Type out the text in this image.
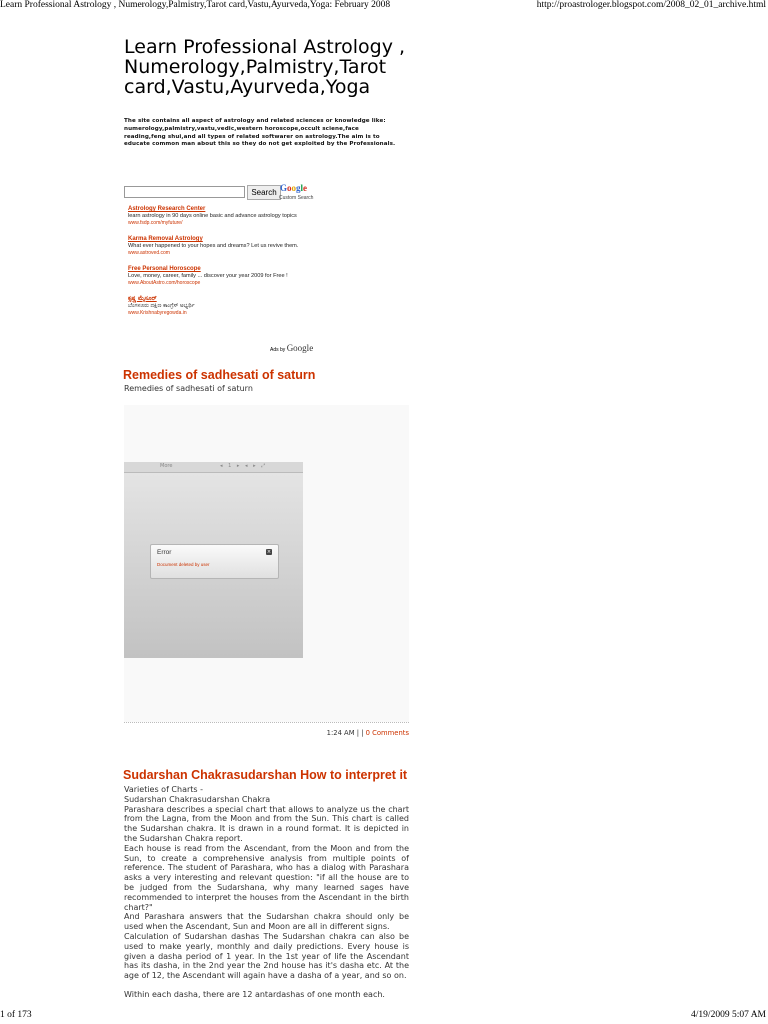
Learn Professional Astrology , Numerology,Palmistry,Tarot card,Vastu,Ayurveda,Yoga: February 2008	http://proastrologer.blogspot.com/2008_02_01_archive.html
Learn Professional Astrology , Numerology,Palmistry,Tarot card,Vastu,Ayurveda,Yoga
The site contains all aspect of astrology and related sciences or knowledge like: numerology,palmistry,vastu,vedic,western horoscope,occult sciene,face reading,feng shui,and all types of related softwarer on astrology.The aim is to educate common man about this so they do not get exploited by the Professionals.
Search Google
Custom Search
Astrology Research Center
learn astrology in 90 days online basic and advance astrology topics
www.fsdp.com/myfuture/
Karma Removal Astrology
What ever happened to your hopes and dreams? Let us revive them.
www.astroved.com
Free Personal Horoscope
Love, money, career, family ... discover your year 2009 for Free !
www.AboutAstro.com/horoscope
ಕೃಷ್ಣ ಮೈಸೂರ್
ಬೆಂಗಳೂರು ದಕ್ಷಿಣ ಕಾಂಗ್ರೆಸ್ ಅಭ್ಯರ್ಥಿ
www.Krishnabyregowda.in
Ads by Google
Remedies of sadhesati of saturn
Remedies of sadhesati of saturn
More	◂ 1 ▸ ◂ ▸ ⤢
Error	×
Document deleted by user
1:24 AM | | 0 Comments
Sudarshan Chakrasudarshan How to interpret it

Varieties of Charts -

Sudarshan Chakrasudarshan Chakra

Parashara describes a special chart that allows to analyze us the chart from the Lagna, from the Moon and from the Sun. This chart is called the Sudarshan chakra. It is drawn in a round format. It is depicted in the Sudarshan Chakra report.

Each house is read from the Ascendant, from the Moon and from the Sun, to create a comprehensive analysis from multiple points of reference. The student of Parashara, who has a dialog with Parashara asks a very interesting and relevant question: "if all the house are to be judged from the Sudarshana, why many learned sages have recommended to interpret the houses from the Ascendant in the birth chart?"

And Parashara answers that the Sudarshan chakra should only be used when the Ascendant, Sun and Moon are all in different signs.

Calculation of Sudarshan dashas The Sudarshan chakra can also be used to make yearly, monthly and daily predictions. Every house is given a dasha period of 1 year. In the 1st year of life the Ascendant has its dasha, in the 2nd year the 2nd house has it's dasha etc. At the age of 12, the Ascendant will again have a dasha of a year, and so on.

Within each dasha, there are 12 antardashas of one month each.

1 of 173	4/19/2009 5:07 AM
